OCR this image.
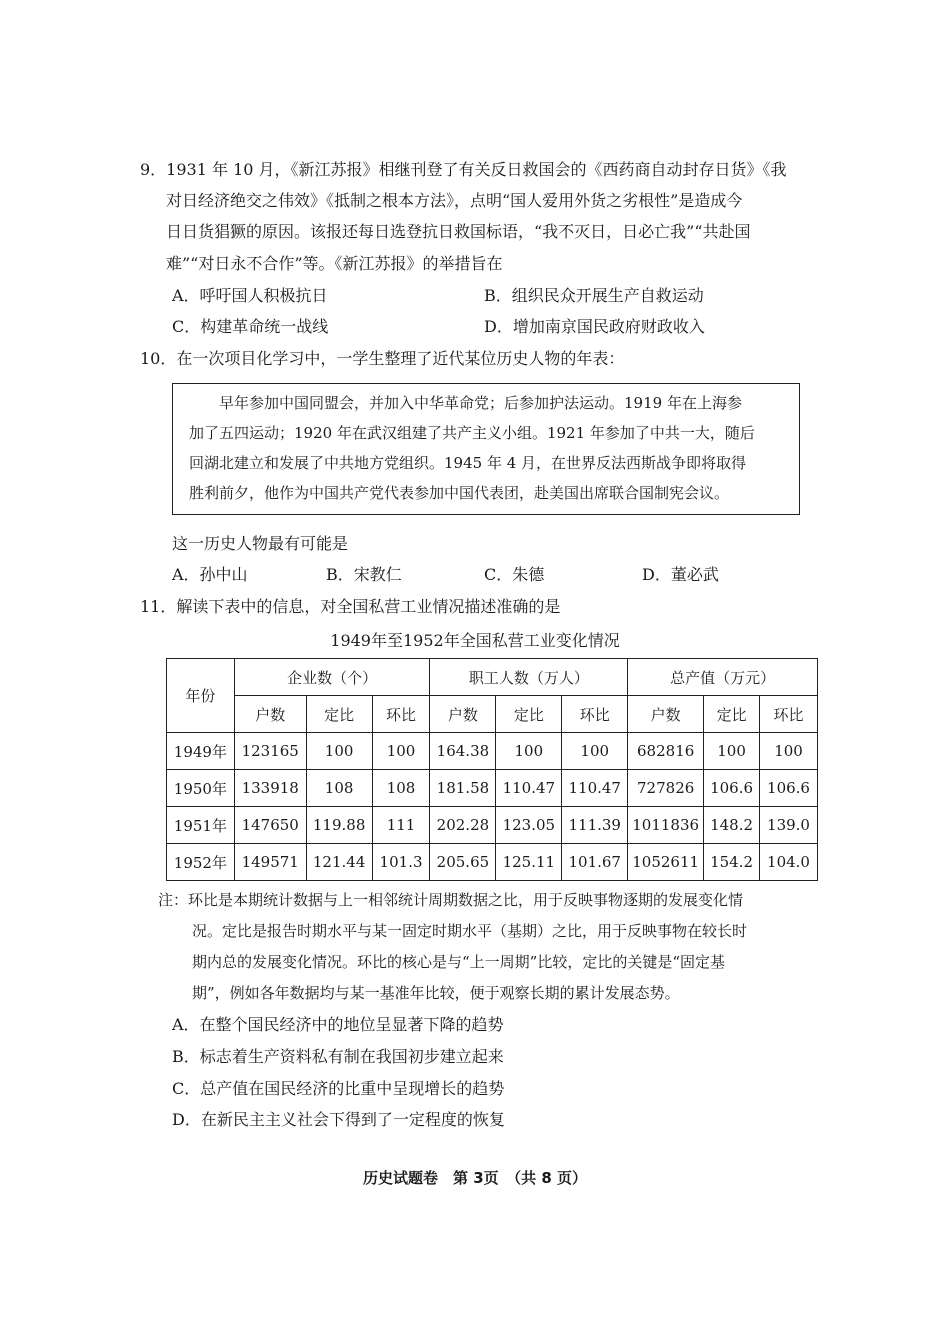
9．1931 年 10 月，《新江苏报》相继刊登了有关反日救国会的《西药商自动封存日货》《我
对日经济绝交之伟效》《抵制之根本方法》，点明“国人爱用外货之劣根性”是造成今
日日货猖獗的原因。该报还每日选登抗日救国标语，“我不灭日，日必亡我”“共赴国
难”“对日永不合作”等。《新江苏报》的举措旨在
A．呼吁国人积极抗日	B．组织民众开展生产自救运动
C．构建革命统一战线	D．增加南京国民政府财政收入
10．在一次项目化学习中，一学生整理了近代某位历史人物的年表：
早年参加中国同盟会，并加入中华革命党；后参加护法运动。1919 年在上海参
加了五四运动；1920 年在武汉组建了共产主义小组。1921 年参加了中共一大，随后
回湖北建立和发展了中共地方党组织。1945 年 4 月，在世界反法西斯战争即将取得
胜利前夕，他作为中国共产党代表参加中国代表团，赴美国出席联合国制宪会议。
这一历史人物最有可能是
A．孙中山	B．宋教仁	C．朱德	D．董必武
11．解读下表中的信息，对全国私营工业情况描述准确的是
1949年至1952年全国私营工业变化情况
年份	企业数（个）			职工人数（万人）			总产值（万元）		
	户数	定比	环比	户数	定比	环比	户数	定比	环比
1949年	123165	100	100	164.38	100	100	682816	100	100
1950年	133918	108	108	181.58	110.47	110.47	727826	106.6	106.6
1951年	147650	119.88	111	202.28	123.05	111.39	1011836	148.2	139.0
1952年	149571	121.44	101.3	205.65	125.11	101.67	1052611	154.2	104.0
注：环比是本期统计数据与上一相邻统计周期数据之比，用于反映事物逐期的发展变化情
况。定比是报告时期水平与某一固定时期水平（基期）之比，用于反映事物在较长时
期内总的发展变化情况。环比的核心是与“上一周期”比较，定比的关键是“固定基
期”，例如各年数据均与某一基准年比较，便于观察长期的累计发展态势。
A．在整个国民经济中的地位呈显著下降的趋势
B．标志着生产资料私有制在我国初步建立起来
C．总产值在国民经济的比重中呈现增长的趋势
D．在新民主主义社会下得到了一定程度的恢复
历史试题卷　第 3页　（共 8 页）
